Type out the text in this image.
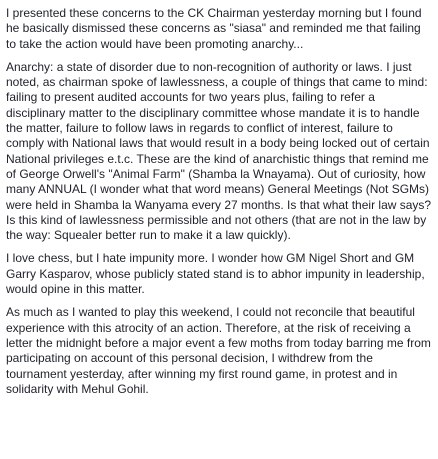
I presented these concerns to the CK Chairman yesterday morning but I found he basically dismissed these concerns as "siasa" and reminded me that failing to take the action would have been promoting anarchy...

Anarchy: a state of disorder due to non-recognition of authority or laws. I just noted, as chairman spoke of lawlessness, a couple of things that came to mind: failing to present audited accounts for two years plus, failing to refer a disciplinary matter to the disciplinary committee whose mandate it is to handle the matter, failure to follow laws in regards to conflict of interest, failure to comply with National laws that would result in a body being locked out of certain National privileges e.t.c. These are the kind of anarchistic things that remind me of George Orwell's "Animal Farm" (Shamba la Wnayama). Out of curiosity, how many ANNUAL (I wonder what that word means) General Meetings (Not SGMs) were held in Shamba la Wanyama every 27 months. Is that what their law says? Is this kind of lawlessness permissible and not others (that are not in the law by the way: Squealer better run to make it a law quickly).

I love chess, but I hate impunity more. I wonder how GM Nigel Short and GM Garry Kasparov, whose publicly stated stand is to abhor impunity in leadership, would opine in this matter.

As much as I wanted to play this weekend, I could not reconcile that beautiful experience with this atrocity of an action. Therefore, at the risk of receiving a letter the midnight before a major event a few moths from today barring me from participating on account of this personal decision, I withdrew from the tournament yesterday, after winning my first round game, in protest and in solidarity with Mehul Gohil.
